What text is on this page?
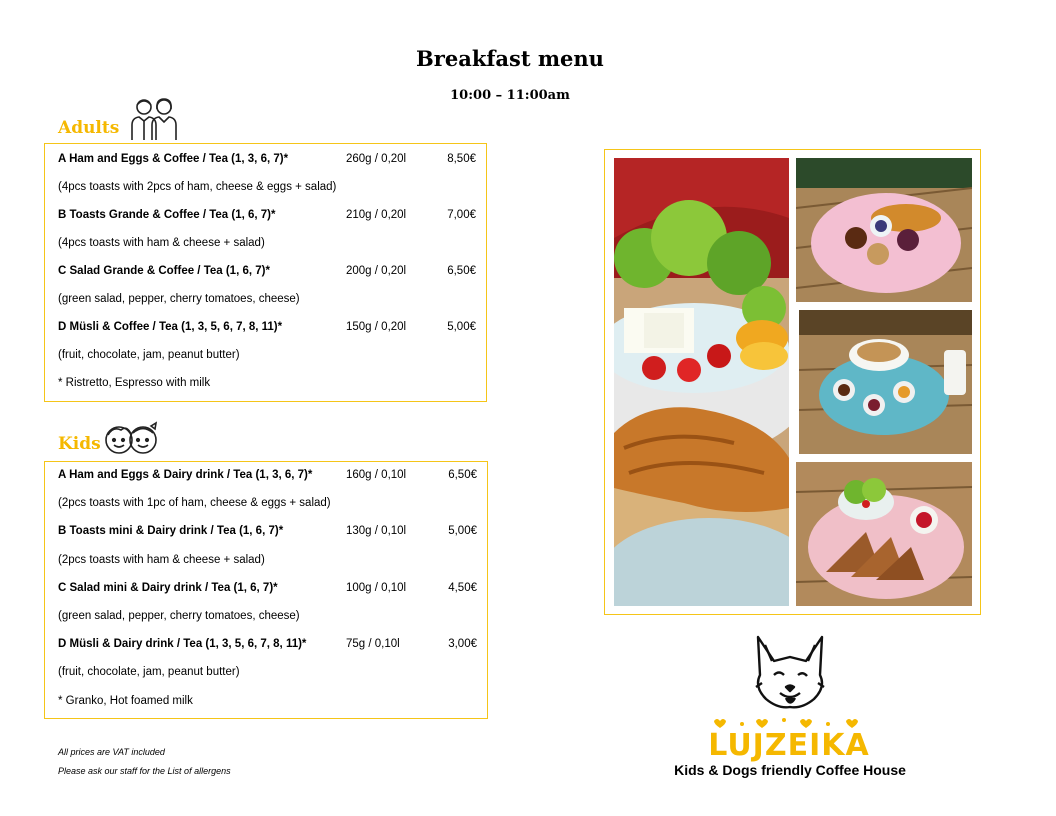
Breakfast menu
10:00 – 11:00am
Adults
A Ham and Eggs & Coffee / Tea (1, 3, 6, 7)*	260g / 0,20l	8,50€
(4pcs toasts with 2pcs of ham, cheese & eggs + salad)
B Toasts Grande & Coffee / Tea (1, 6, 7)*	210g / 0,20l	7,00€
(4pcs toasts with ham & cheese + salad)
C Salad Grande & Coffee / Tea (1, 6, 7)*	200g / 0,20l	6,50€
(green salad, pepper, cherry tomatoes, cheese)
D Müsli & Coffee / Tea (1, 3, 5, 6, 7, 8, 11)*	150g / 0,20l	5,00€
(fruit, chocolate, jam, peanut butter)
* Ristretto, Espresso with milk
Kids
A Ham and Eggs & Dairy drink / Tea (1, 3, 6, 7)*	160g / 0,10l	6,50€
(2pcs toasts with 1pc of ham, cheese & eggs + salad)
B Toasts mini & Dairy drink / Tea (1, 6, 7)*	130g / 0,10l	5,00€
(2pcs toasts with ham & cheese + salad)
C Salad mini & Dairy drink / Tea (1, 6, 7)*	100g / 0,10l	4,50€
(green salad, pepper, cherry tomatoes, cheese)
D Müsli & Dairy drink / Tea (1, 3, 5, 6, 7, 8, 11)*	75g / 0,10l	3,00€
(fruit, chocolate, jam, peanut butter)
* Granko, Hot foamed milk
All prices are VAT included
Please ask our staff for the List of allergens
LUJZEIKA
Kids & Dogs friendly Coffee House
